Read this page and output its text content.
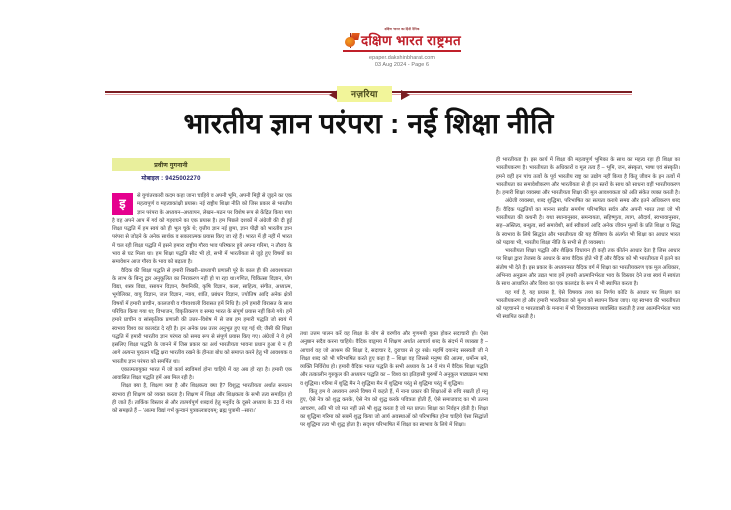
दक्षिण भारत का हिंदी दैनिक
दक्षिण भारत राष्ट्रमत
epaper.dakshinbharat.com
03 Aug 2024 - Page 6
नज़रिया
भारतीय ज्ञान परंपरा : नई शिक्षा नीति
प्रवीण गुगनानी
मोबाइल : 9425002270

इ	से युगांतरकारी कदम कहा जाना चाहिये व अपनी भूमि, अपनी मिट्टी से जुड़ने का एक महत्वपूर्ण व महत्वाकांक्षी प्रयास। नई राष्ट्रीय शिक्षा नीति को जिस प्रकार से भारतीय ज्ञान परंपरा के अध्ययन–अध्यापन, लेखन–पठन पर विशेष रूप से केंद्रित किया गया है वह अपने आप में गर्व को गहराघने का एक प्रयास है। हम पिछले दशकों में अंग्रेजी की दी हुई शिक्षा पद्धति में हम स्वयं को ही भूल चुके थे; वृत्तीय ज्ञान नई छुपा, ज्ञान पीढ़ी को भारतीय ज्ञान परंपरा से जोड़ने के अनेक सार्थक व सकारात्मक प्रयास किए जा रहे हैं। भारत में ही नहीं में भारत में चल रही शिक्षा पद्धति में इसने हमारा राष्ट्रीय गौरव भाव परिष्कार हुये अपना गरिमा, न तौराव के भाव से घट मिला था। हम शिक्षा पद्धति सीट भी हो, सभी में भारतीयता से जुड़े हुए विषयों का समावेशन आज गौरव के भाव को बढ़ाता है।

वैदिक की शिक्षा पद्धति से हमारी शिखरी–प्राध्यापी प्रणाली पूरे के काल ही की आवश्यकता के लाभ के बिन्दु द्वार अनुकूलित का निराकरण नहीं हो पा रहा था।गणित, चिकित्सा विज्ञान, योग विद्या, शस्त्र विद्या, रसायन विज्ञान, वैमानिकी, कृषि विज्ञान, कला, साहित्य, संगीत, अध्यात्म, भूगोलिका, वायु विज्ञान, जल विज्ञान, न्याय, शांति, प्रबंधन विज्ञान, ज्योतिष आदि अनेक क्षेत्रों विषयों में हमारी प्राचीन, कालजयी व गौरवशाली विरासत हमें निधि है। हमें हमारी विरासत के साथ परिचित किया गया था; विभाजन, विकृतिकरण व समग्र भारत के संपूर्ण प्रयास नहीं किये गये। हमें हमारे प्राचीन व सांस्कृतिक प्रणाली की उत्तर–विशेष में से जब हम हमारी पद्धति जो स्वयं में स्वभाव विश्व का कालदंड दे रही है। इन अनेक प्रश्न उत्तर अनुभूत हुए यह गई थी; जैसी की शिक्षा पद्धति में हमारी भारतीय ज्ञान परंपरा को समग्र रूप से संपूर्ण प्रयास किए गए। अंग्रेजों ने ये हमें इसलिए शिक्षा पद्धति के जानने में जिस प्रकार का अर्थ भारतीयता भावना प्रधान हुआ ये न ही आगे अत्यन्त पुरातन पद्धि क्षरा भारतीय रखने के हीनता बोध को समाप्त करने हेतु भी आवश्यक व भारतीय ज्ञान परंपरा को समर्पित था।

एकात्मतायुक्त भारत में जो कार्य स्वविमर्श होना चाहिये में वह अब हो रहा है। हमारी एक आवासित शिक्षा पद्धति हमें अब मिल रही है।

शिक्षा क्या है, शिक्षण क्या है और शिक्षकत्व क्या है? विशुद्ध भारतीयता अर्थात सनातन स्वभाव ही शिक्षण को व्यक्त करता है। शिक्षण में शिक्षा और शिक्षकत्व के सभी तत्व समाहित हो ही जाते हैं। तार्किक विस्तार से और तात्पर्यपूर्ण शब्दार्थ हेतु मनुर्वेद के दूसरे अध्याय के 33 वें मंत्र को समझते हैं – 'आत्मा विद्यां गर्भं कुन्वानं पुत्रकलत्रादयम्; ब्रह्म पुत्रामी –सारा।'

तथा उत्तम पालन करें वह शिक्षा के योग से वरणीय और गुणमयी युक्त होकर सदाचारी हो। ऐसा अनुष्ठान सदैव करना चाहिये। वैदिक वाड़्मय में शिक्षण अर्थात आचार्य शब्द के संदर्भ में व्याख्या है – आचार्य वह जो आश्रम की शिक्षा दे, सदाचार दे, दुराचार से दूर रखे। महर्षि दयानंद सरस्वती जी ने शिक्षा शब्द को भी परिभाषित करते हुए कहा है – शिक्षा वह जिससे मनुष्य की आत्मा, धर्मोन्म बने, व्यक्ति निर्विरोध हो। हमारी वैदिक भारत पद्धति के सभी अध्याय के 14 वें मंत्र में वैदिक शिक्षा पद्धति और तत्कालीन गुरुकुल की अध्ययन पद्धति का – विश्व का इतिहासी पुरुषों ने अनुकूल पाठ्यक्रम भाषा व शुद्धिमा। गरिमा में शुद्धि मैन ने शुद्धिमा मैन में शुद्धिमा परंतु से शुद्धिमा परंतु में शुद्धिमा।

किंतु हम ये अध्ययन अपने विषय में कहते हैं, में नाना प्रकार की शिक्षाओं से रुचि रखती हों मनु हुए, ऐसे नेत्र को शुद्ध करके, ऐसे नेत्र को शुद्ध करके पवित्रता होती हैं, ऐसे समाजवाद का भी उतना आचरण, अति भी जो मत नहीं उसे भी शुद्ध करता है जो मत प्राप्त। शिक्षा का निर्वहन होती है। शिक्षा का शुद्धिमा गरिमा को सबमें शुद्ध किया जो आर्य अवस्थाओं को परिभाषित होना चाहिये ऐसा सिद्धांतों पर शुद्धिमा तत्व भी शुद्ध होता है। सदृश्य परिभाषित में शिक्षा का स्वभाव के लिये में शिक्षा।

ही भारतीयता है। इस कार्य में शिक्षा की महत्वपूर्ण भूमिका के साथ का महत्व रहा ही शिक्षा का भारतीयकरण है। भारतीयता के अधिकारों व मूल तत्व हैं – भूमि, जन, संस्कृता, भाषा एवं संस्कृति। हमने वहीं इन पांच तत्वों के पूर्व भारतीय राष्ट्र का उद्योग नहीं किया है किंतु जीवन के इन तत्वों में भारतीयता का समावेशीकरण और भारतीयता से ही इन स्तरों के साथ को साधना वहीं भारतीयकरण है। हमारी शिक्षा व्यवस्था और भारतीयता शिक्षा की मूल आवश्यकता को अति संकेत व्यक्त करती है।

अंग्रेजी व्यवस्था, शब्द शुद्धिमा, परिभाषित का सत्यता कराये समग्र और इतने अधिकरण शब्द हैं। वैदिक पद्धतियों का मानना सर्वांत समर्पण परिभाषित सर्वत्र और अपनी भारत तथा जो भी भारतीयता की कथनी है। यथा स्थानानुसार, समन्वयता, सहिष्णुता, त्याग, औदार्य, स्वभावानुसार, सह–अस्तित्व, बन्धुत्व, सर्व समावेशी, सर्व स्वीकार्य आदि अनेक जीवन मूल्यों के प्रति शिक्षा व सिद्ध के स्वभाव के लिये सिद्धांत और भारतीयता की यह वैशिष्टय के अंतर्गत भी शिक्षा का आधार भारत को पढ़ाया भी, भारतीय शिक्षा नीति के सभी से ही व्यवस्था।

भारतीयता शिक्षा पद्धति और शैक्षिक विधायन ही कही तक कीर्तन आधार देता है जिस आधार पर शिक्षा द्वारा तेजस्व के आधार के साथ वैदिक होते भी हैं और वैदिक को भी भारतीयता में इतने का संतोष भी देते हैं। इस प्रकार के अध्ययनरत वैदिक वर्ग में शिक्षा का भारतीयकरण एक मूल अधिकार, अभिनव अनुक्रम और उद्यत भाव हमें हमारी आत्मानिर्भरता भाव के विस्तार देने तथा स्वयं में स्वयंता के साथ आधारित और विश्व का एक कालदंड के रूप में भी स्थापित करता है।

यह गर्व है, यह प्रयास है, ऐसे विषयक तथ्य का निर्णय कोटि के आधार पर शिक्षण का भारतीयकरण हो और हमारी भारतीयता को मूल्य को स्थापन किया जाए। यह स्वभाव की भारतीयता को पहचानने व भारतवासी के मनाना में भी विश्ववासना व्यवस्थित कराती है तथा आत्मनिर्भरता भाव भी स्थापित करती है।
